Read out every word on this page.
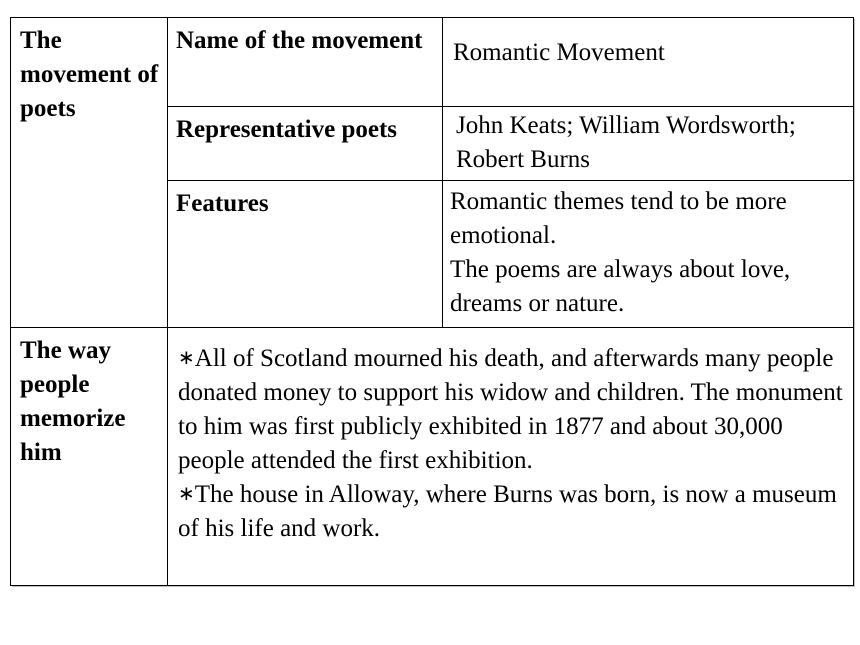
The movement of poets	Name of the movement	Romantic Movement
	Representative poets	John Keats; William Wordsworth; Robert Burns
	Features	Romantic themes tend to be more emotional.
The poems are always about love, dreams or nature.

The way people memorize him	∗All of Scotland mourned his death, and afterwards many people donated money to support his widow and children. The monument to him was first publicly exhibited in 1877 and about 30,000 people attended the first exhibition.
∗The house in Alloway, where Burns was born, is now a museum of his life and work.	
